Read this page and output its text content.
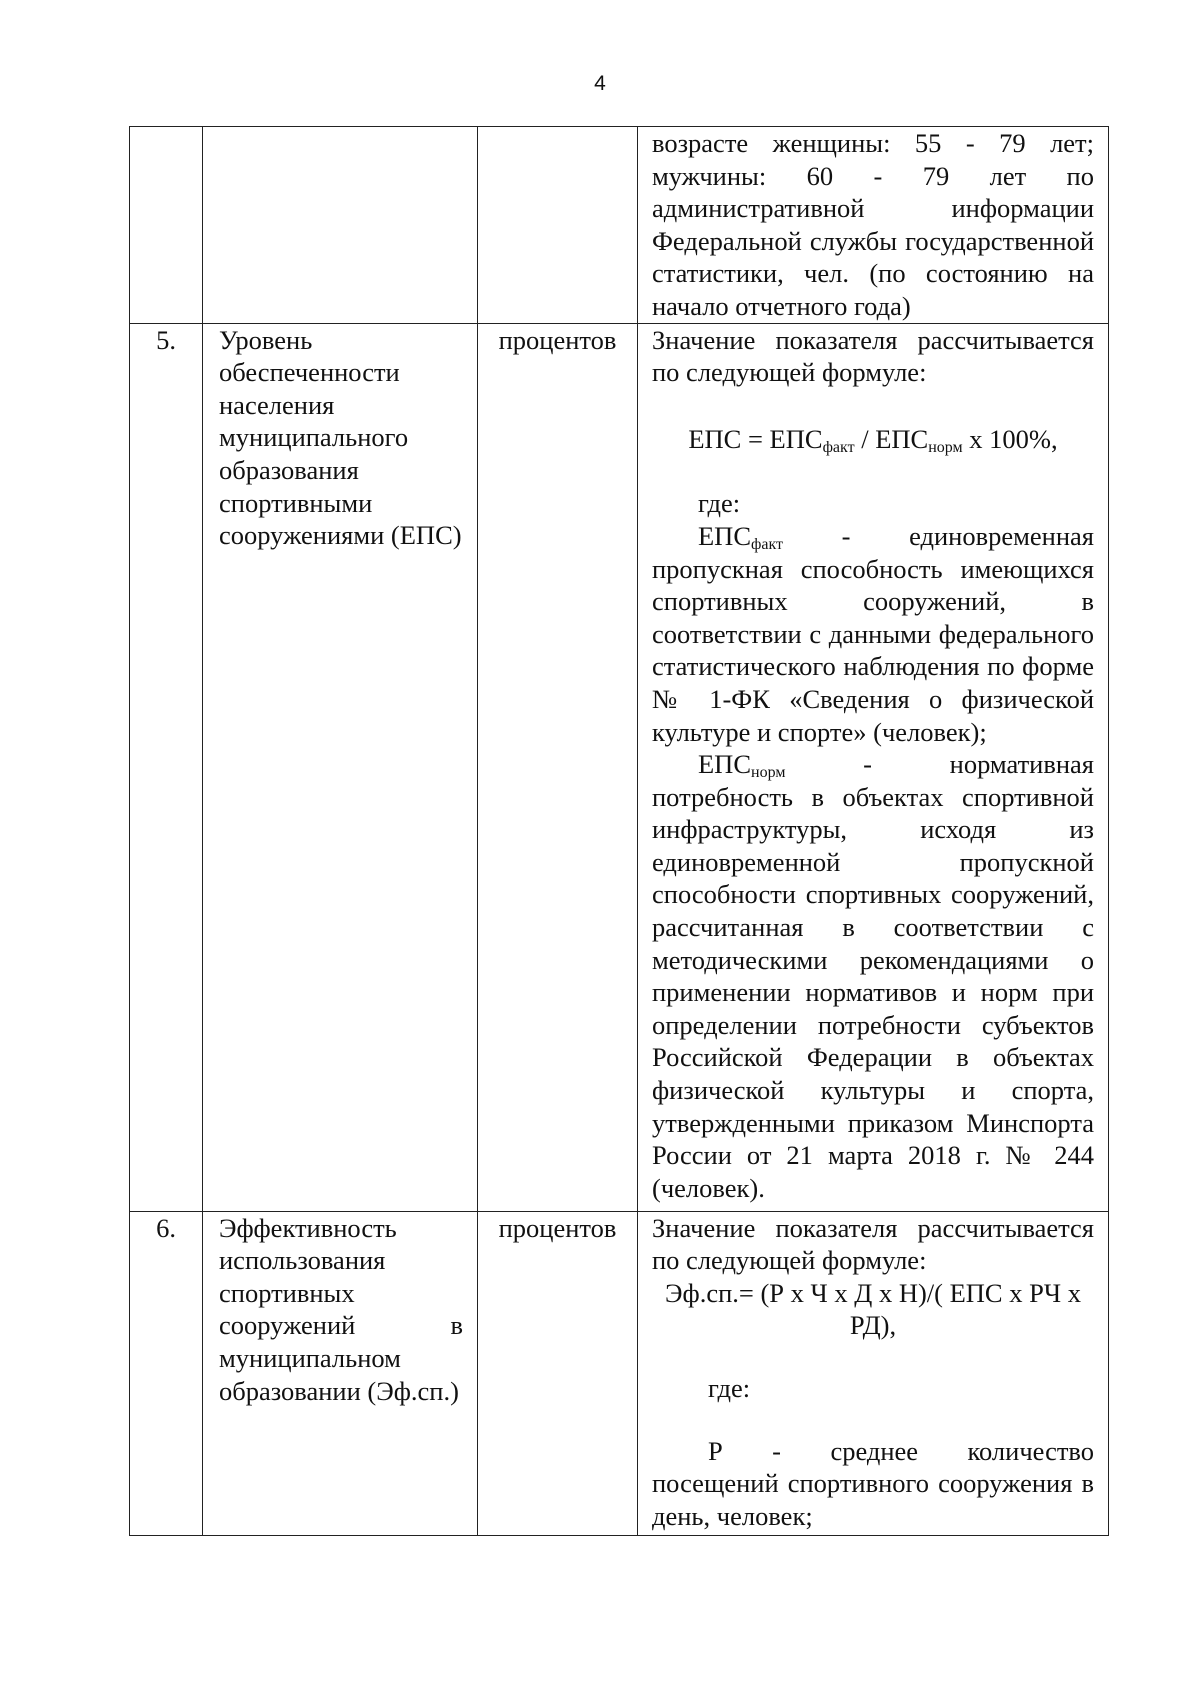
4

			возрасте женщины: 55 - 79 лет; мужчины: 60 - 79 лет по административной информации Федеральной службы государственной статистики, чел. (по состоянию на начало отчетного года)

5.	Уровень обеспеченности населения муниципального образования спортивными сооружениями (ЕПС)	процентов	Значение показателя рассчитывается по следующей формуле:
ЕПС = $ЕПС_{факт} / ЕПС_{норм}$ х 100%,
где:
$ЕПС_{факт}$ - единовременная пропускная способность имеющихся спортивных сооружений, в соответствии с данными федерального статистического наблюдения по форме № 1-ФК «Сведения о физической культуре и спорте» (человек);
$ЕПС_{норм}$ - нормативная потребность в объектах спортивной инфраструктуры, исходя из единовременной пропускной способности спортивных сооружений, рассчитанная в соответствии с методическими рекомендациями о применении нормативов и норм при определении потребности субъектов Российской Федерации в объектах физической культуры и спорта, утвержденными приказом Минспорта России от 21 марта 2018 г. № 244 (человек).

6.	Эффективность использования спортивных сооружений в муниципальном образовании (Эф.сп.)	процентов	Значение показателя рассчитывается по следующей формуле:
Эф.сп.= (Р х Ч х Д х Н)/( ЕПС х РЧ х РД),
где:
Р - среднее количество посещений спортивного сооружения в день, человек;
